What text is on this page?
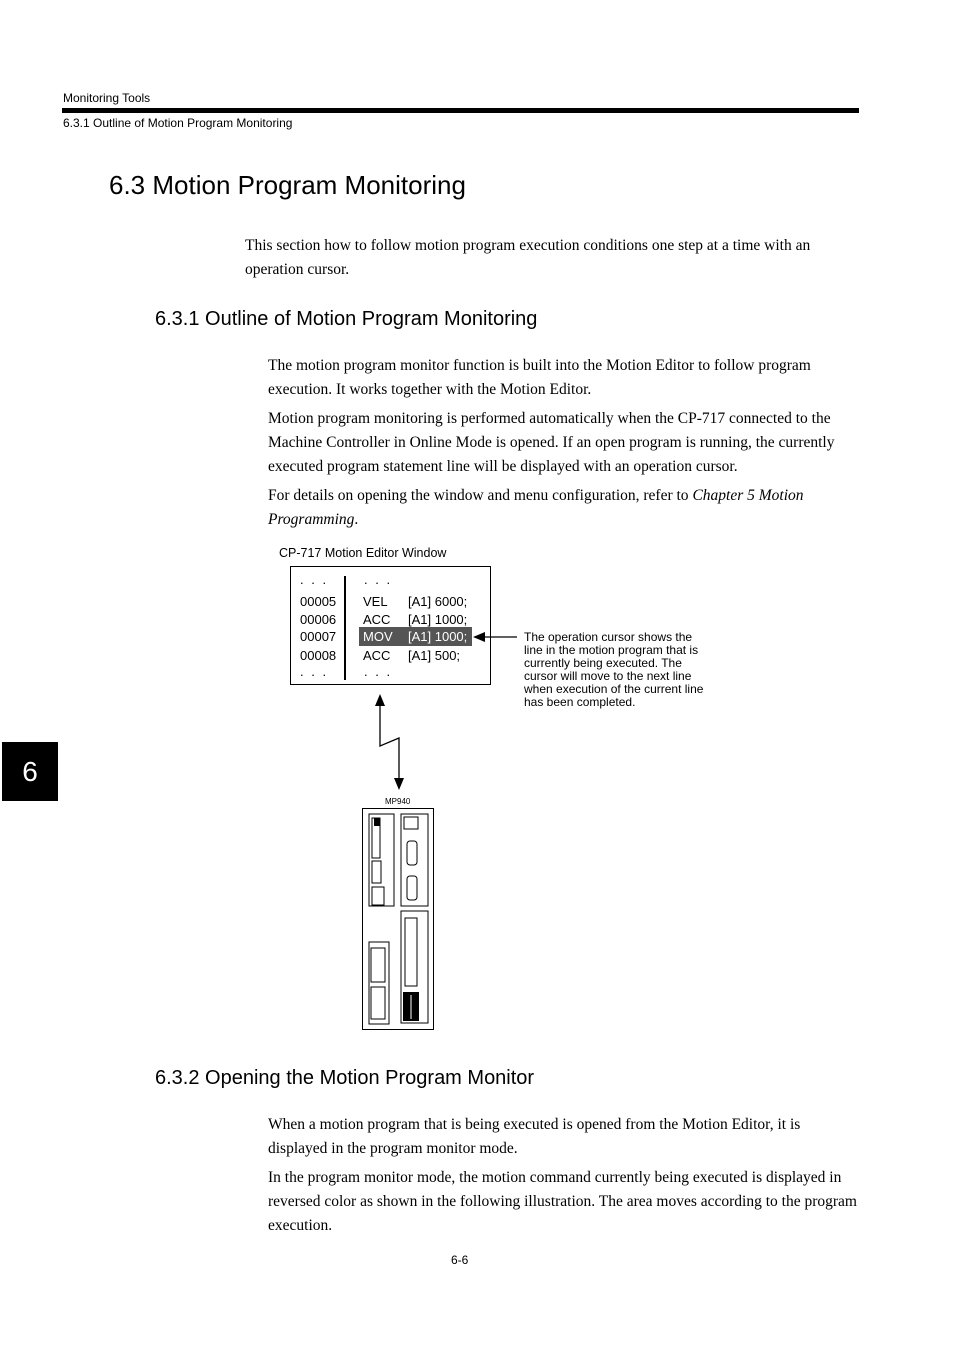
Monitoring Tools
6.3.1 Outline of Motion Program Monitoring
6
6.3 Motion Program Monitoring

This section how to follow motion program execution conditions one step at a time with an operation cursor.

6.3.1 Outline of Motion Program Monitoring

The motion program monitor function is built into the Motion Editor to follow program execution. It works together with the Motion Editor.

Motion program monitoring is performed automatically when the CP-717 connected to the Machine Controller in Online Mode is opened. If an open program is running, the currently executed program statement line will be displayed with an operation cursor.

For details on opening the window and menu configuration, refer to Chapter 5 Motion Programming.

CP-717 Motion Editor Window
. . .	. . .
00005 VEL [A1] 6000;
00006 ACC [A1] 1000;
00007 MOV [A1] 1000;
00008 ACC [A1] 500;
. . .	. . .
The operation cursor shows the line in the motion program that is currently being executed. The cursor will move to the next line when execution of the current line has been completed.
MP940
6.3.2 Opening the Motion Program Monitor

When a motion program that is being executed is opened from the Motion Editor, it is displayed in the program monitor mode.

In the program monitor mode, the motion command currently being executed is displayed in reversed color as shown in the following illustration. The area moves according to the program execution.

6-6
